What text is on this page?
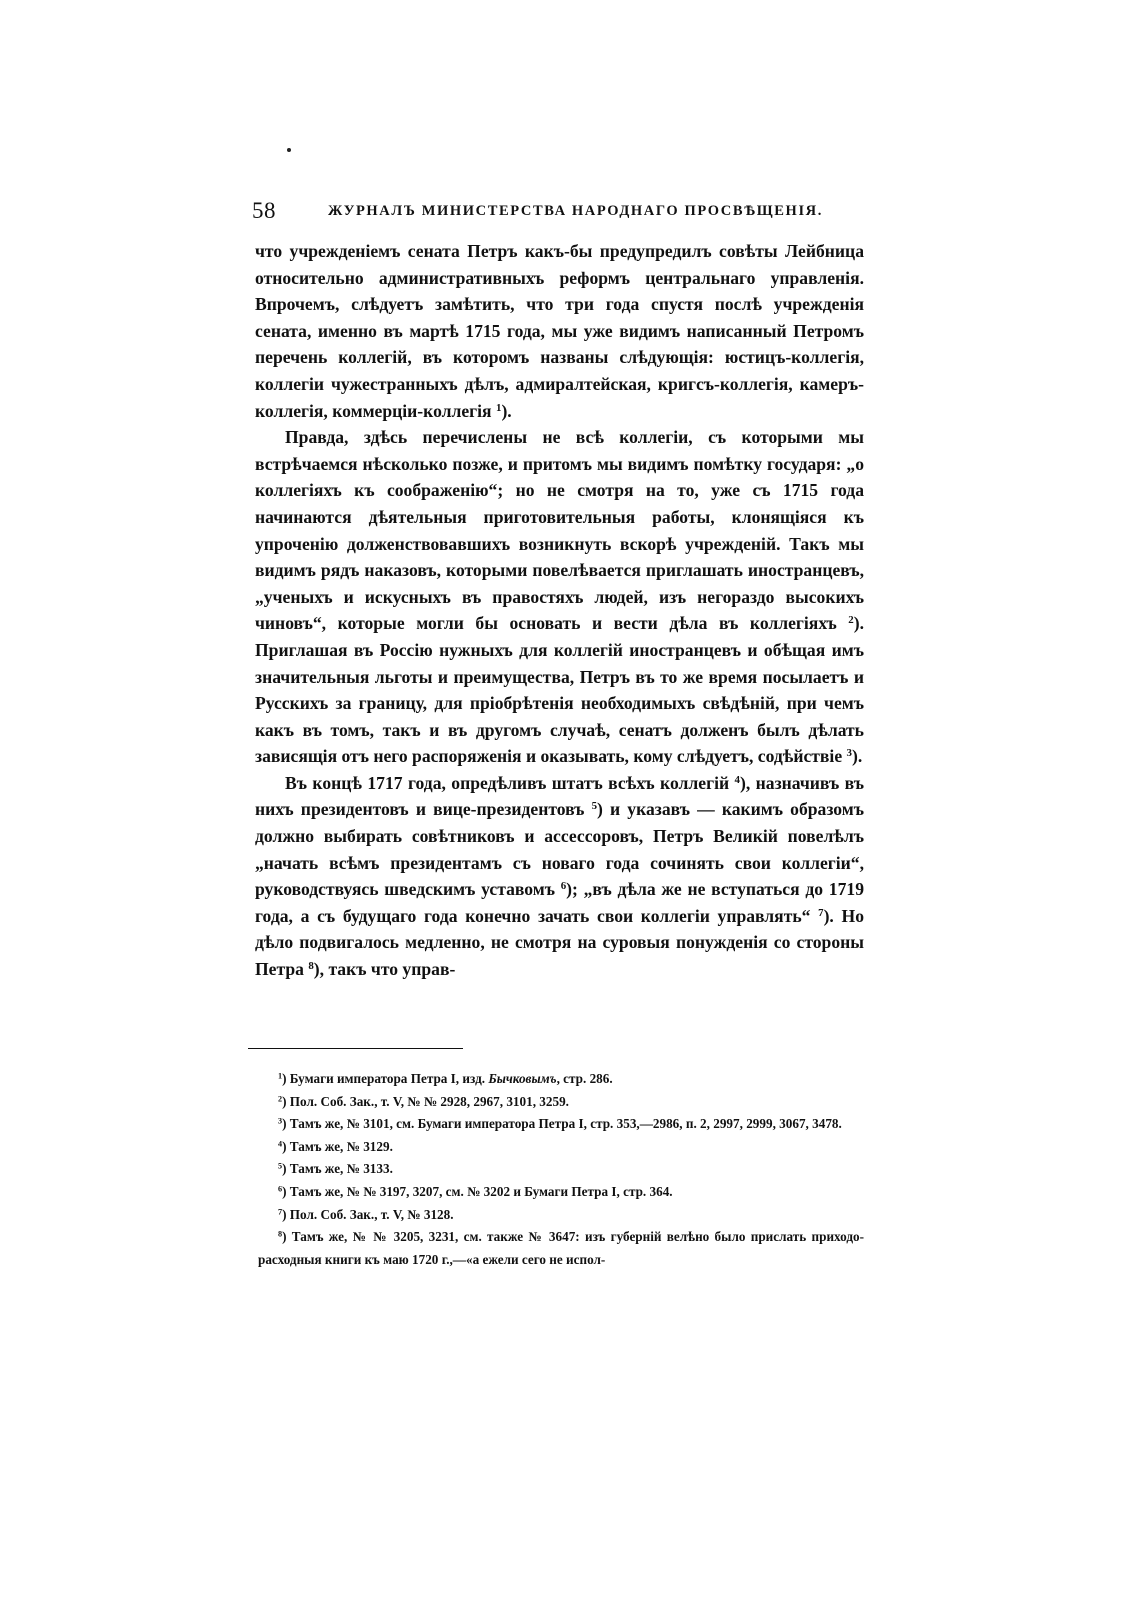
58	ЖУРНАЛЪ МИНИСТЕРСТВА НАРОДНАГО ПРОСВѢЩЕНІЯ.

что учрежденіемъ сената Петръ какъ-бы предупредилъ совѣты Лейбница относительно административныхъ реформъ центральнаго управленія. Впрочемъ, слѣдуетъ замѣтить, что три года спустя послѣ учрежденія сената, именно въ мартѣ 1715 года, мы уже видимъ написанный Петромъ перечень коллегій, въ которомъ названы слѣдующія: юстицъ-коллегія, коллегіи чужестранныхъ дѣлъ, адмиралтейская, кригсъ-коллегія, камеръ-коллегія, коммерціи-коллегія $^1$).

Правда, здѣсь перечислены не всѣ коллегіи, съ которыми мы встрѣчаемся нѣсколько позже, и притомъ мы видимъ помѣтку государя: „о коллегіяхъ къ соображенію“; но не смотря на то, уже съ 1715 года начинаются дѣятельныя приготовительныя работы, клонящіяся къ упроченію долженствовавшихъ возникнуть вскорѣ учрежденій. Такъ мы видимъ рядъ наказовъ, которыми повелѣвается приглашать иностранцевъ, „ученыхъ и искусныхъ въ правостяхъ людей, изъ негораздо высокихъ чиновъ“, которые могли бы основать и вести дѣла въ коллегіяхъ $^2$). Приглашая въ Россію нужныхъ для коллегій иностранцевъ и обѣщая имъ значительныя льготы и преимущества, Петръ въ то же время посылаетъ и Русскихъ за границу, для пріобрѣтенія необходимыхъ свѣдѣній, при чемъ какъ въ томъ, такъ и въ другомъ случаѣ, сенатъ долженъ былъ дѣлать зависящія отъ него распоряженія и оказывать, кому слѣдуетъ, содѣйствіе $^3$).

Въ концѣ 1717 года, опредѣливъ штатъ всѣхъ коллегій $^4$), назначивъ въ нихъ президентовъ и вице-президентовъ $^5$) и указавъ — какимъ образомъ должно выбирать совѣтниковъ и ассессоровъ, Петръ Великій повелѣлъ „начать всѣмъ президентамъ съ новаго года сочинять свои коллегіи“, руководствуясь шведскимъ уставомъ $^6$); „въ дѣла же не вступаться до 1719 года, а съ будущаго года конечно зачать свои коллегіи управлять“ $^7$). Но дѣло подвигалось медленно, не смотря на суровыя понужденія со стороны Петра $^8$), такъ что управ-

$^1$) Бумаги императора Петра I, изд. Бычковымъ, стр. 286.

$^2$) Пол. Соб. Зак., т. V, № № 2928, 2967, 3101, 3259.

$^3$) Тамъ же, № 3101, см. Бумаги императора Петра I, стр. 353,—2986, п. 2, 2997, 2999, 3067, 3478.

$^4$) Тамъ же, № 3129.

$^5$) Тамъ же, № 3133.

$^6$) Тамъ же, № № 3197, 3207, см. № 3202 и Бумаги Петра I, стр. 364.

$^7$) Пол. Соб. Зак., т. V, № 3128.

$^8$) Тамъ же, № № 3205, 3231, см. также № 3647: изъ губерній велѣно было прислать приходо-расходныя книги къ маю 1720 г.,—«а ежели сего не испол-
